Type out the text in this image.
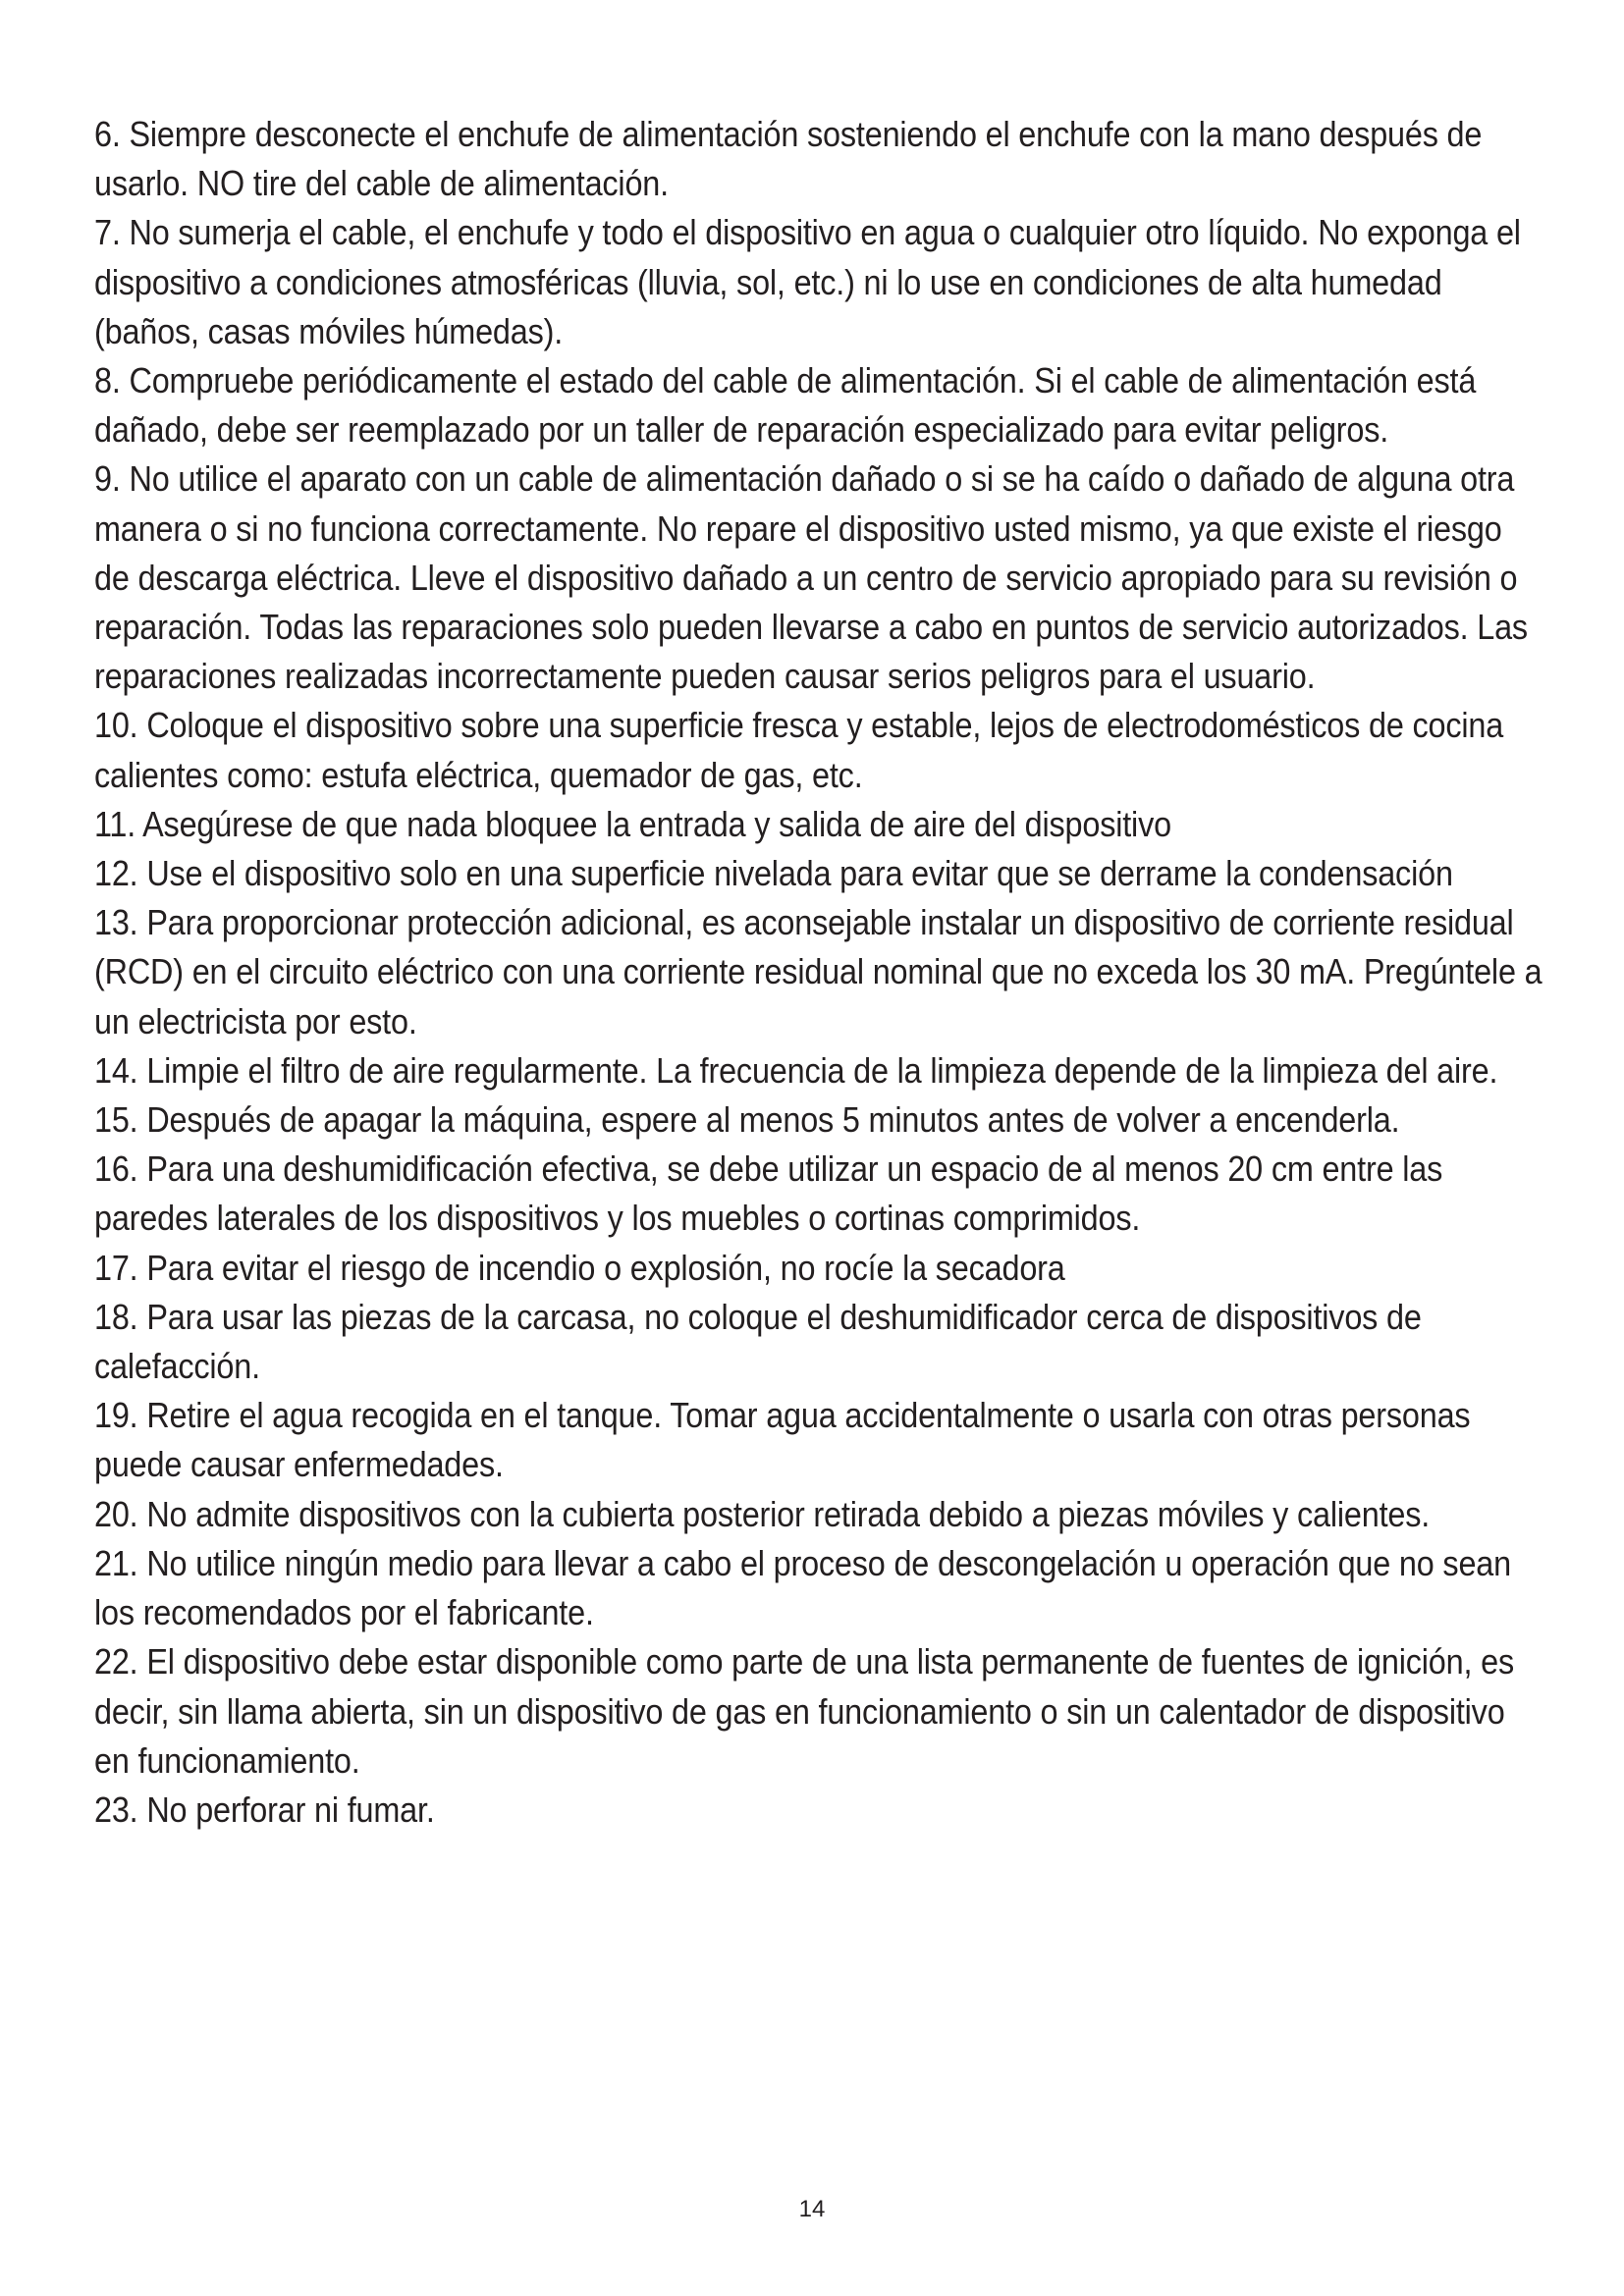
6. Siempre desconecte el enchufe de alimentación sosteniendo el enchufe con la mano después de usarlo. NO tire del cable de alimentación.

7. No sumerja el cable, el enchufe y todo el dispositivo en agua o cualquier otro líquido. No exponga el dispositivo a condiciones atmosféricas (lluvia, sol, etc.) ni lo use en condiciones de alta humedad (baños, casas móviles húmedas).

8. Compruebe periódicamente el estado del cable de alimentación. Si el cable de alimentación está dañado, debe ser reemplazado por un taller de reparación especializado para evitar peligros.

9. No utilice el aparato con un cable de alimentación dañado o si se ha caído o dañado de alguna otra manera o si no funciona correctamente. No repare el dispositivo usted mismo, ya que existe el riesgo de descarga eléctrica. Lleve el dispositivo dañado a un centro de servicio apropiado para su revisión o reparación. Todas las reparaciones solo pueden llevarse a cabo en puntos de servicio autorizados. Las reparaciones realizadas incorrectamente pueden causar serios peligros para el usuario.

10. Coloque el dispositivo sobre una superficie fresca y estable, lejos de electrodomésticos de cocina calientes como: estufa eléctrica, quemador de gas, etc.

11. Asegúrese de que nada bloquee la entrada y salida de aire del dispositivo

12. Use el dispositivo solo en una superficie nivelada para evitar que se derrame la condensación

13. Para proporcionar protección adicional, es aconsejable instalar un dispositivo de corriente residual (RCD) en el circuito eléctrico con una corriente residual nominal que no exceda los 30 mA. Pregúntele a un electricista por esto.

14. Limpie el filtro de aire regularmente. La frecuencia de la limpieza depende de la limpieza del aire.

15. Después de apagar la máquina, espere al menos 5 minutos antes de volver a encenderla.

16. Para una deshumidificación efectiva, se debe utilizar un espacio de al menos 20 cm entre las paredes laterales de los dispositivos y los muebles o cortinas comprimidos.

17. Para evitar el riesgo de incendio o explosión, no rocíe la secadora

18. Para usar las piezas de la carcasa, no coloque el deshumidificador cerca de dispositivos de calefacción.

19. Retire el agua recogida en el tanque. Tomar agua accidentalmente o usarla con otras personas puede causar enfermedades.

20. No admite dispositivos con la cubierta posterior retirada debido a piezas móviles y calientes.

21. No utilice ningún medio para llevar a cabo el proceso de descongelación u operación que no sean los recomendados por el fabricante.

22. El dispositivo debe estar disponible como parte de una lista permanente de fuentes de ignición, es decir, sin llama abierta, sin un dispositivo de gas en funcionamiento o sin un calentador de dispositivo en funcionamiento.

23. No perforar ni fumar.

14
